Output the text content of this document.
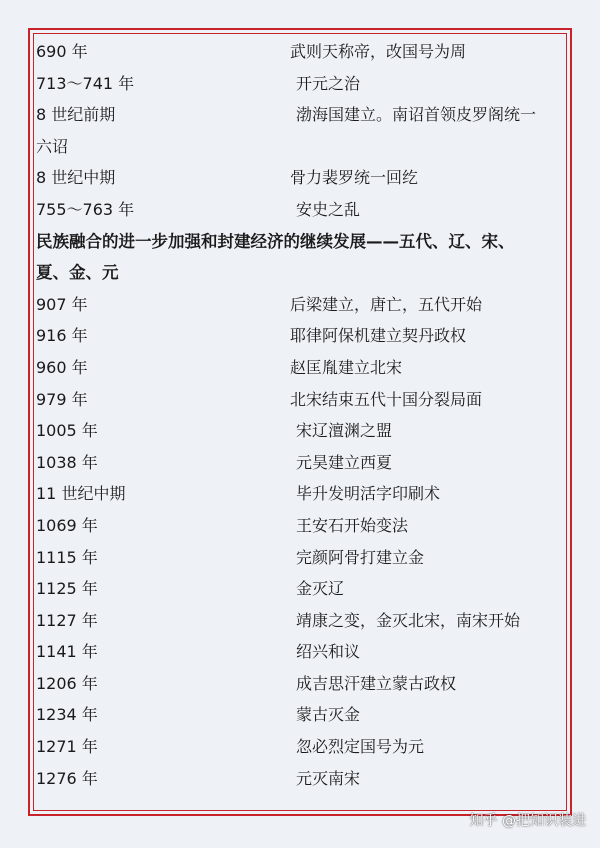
690 年	武则天称帝，改国号为周
713～741 年	开元之治
8 世纪前期	渤海国建立。南诏首领皮罗阁统一
六诏
8 世纪中期	骨力裴罗统一回纥
755～763 年	安史之乱
民族融合的进一步加强和封建经济的继续发展——五代、辽、宋、
夏、金、元
907 年	后梁建立，唐亡，五代开始
916 年	耶律阿保机建立契丹政权
960 年	赵匡胤建立北宋
979 年	北宋结束五代十国分裂局面
1005 年	宋辽澶渊之盟
1038 年	元昊建立西夏
11 世纪中期	毕升发明活字印刷术
1069 年	王安石开始变法
1115 年	完颜阿骨打建立金
1125 年	金灭辽
1127 年	靖康之变，金灭北宋，南宋开始
1141 年	绍兴和议
1206 年	成吉思汗建立蒙古政权
1234 年	蒙古灭金
1271 年	忽必烈定国号为元
1276 年	元灭南宋
知乎 @把知识装进
